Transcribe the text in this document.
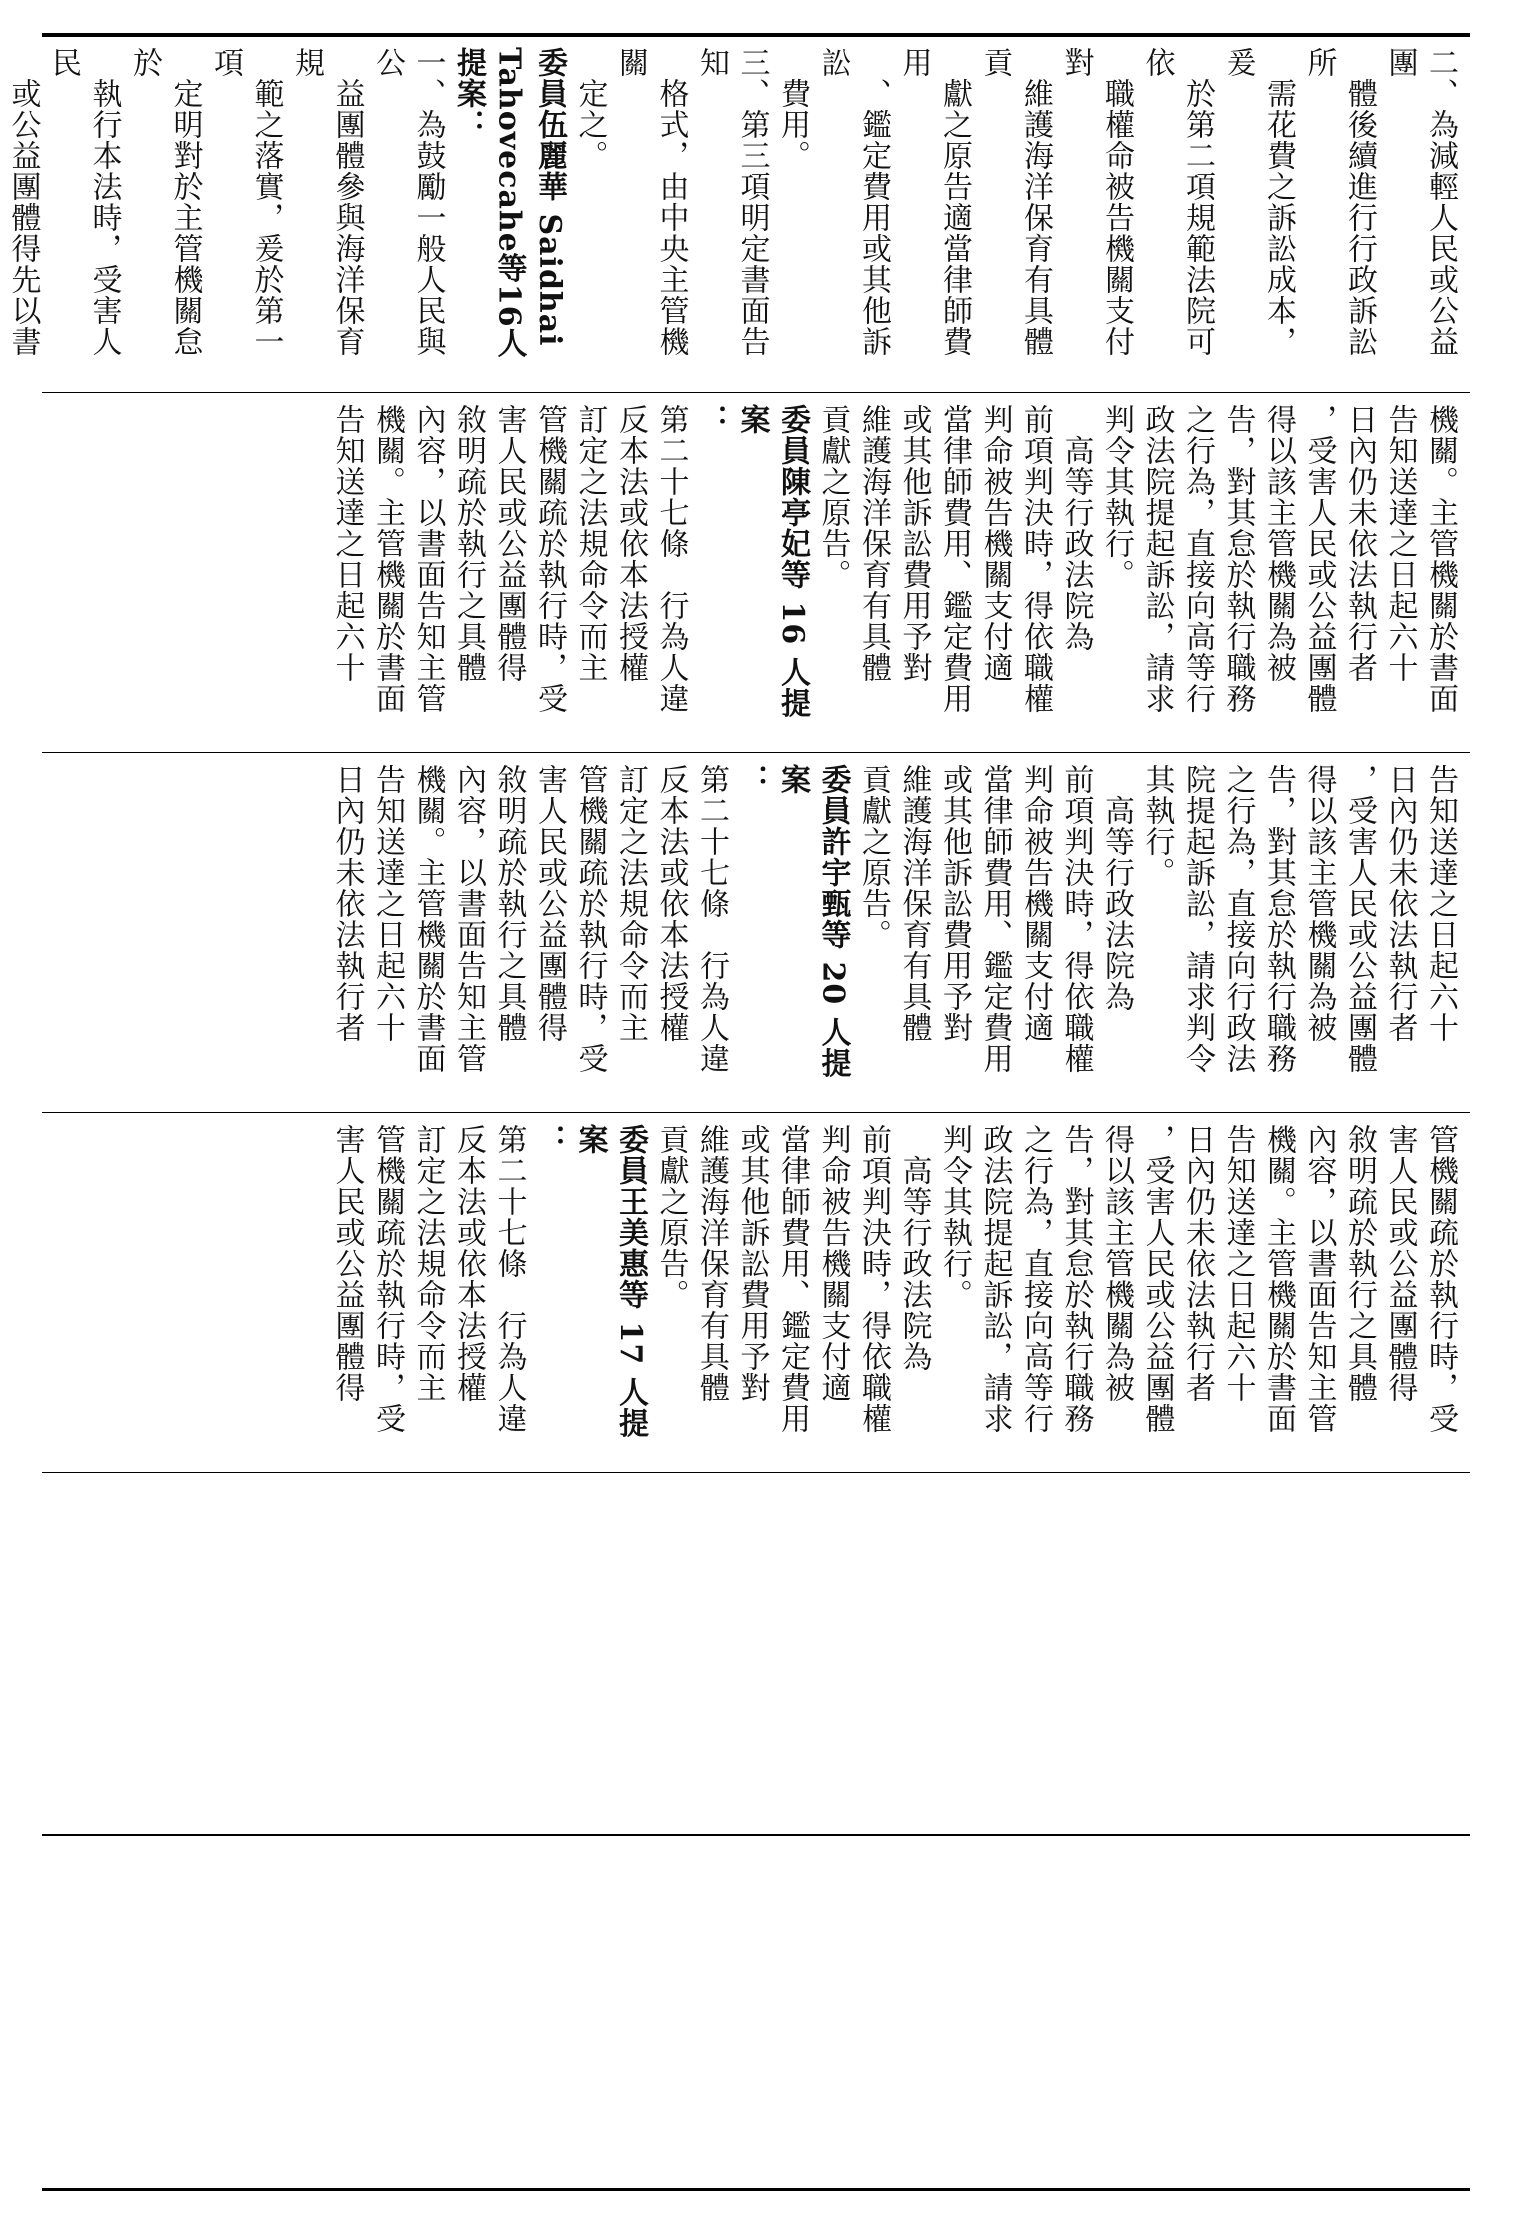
二、為減輕人民或公益團

　體後續進行行政訴訟所

　需花費之訴訟成本，爰

　於第二項規範法院可依

　職權命被告機關支付對

　維護海洋保育有具體貢

　獻之原告適當律師費用

　、鑑定費用或其他訴訟

　費用。

三、第三項明定書面告知

　格式，由中央主管機關

　定之。

委員伍麗華 Saidhai Tahovecahe等16人提案：

一、為鼓勵一般人民與公

　益團體參與海洋保育規

　範之落實，爰於第一項

　定明對於主管機關怠於

　執行本法時，受害人民

　或公益團體得先以書

機關。主管機關於書面

告知送達之日起六十

日內仍未依法執行者

，受害人民或公益團體

得以該主管機關為被

告，對其怠於執行職務

之行為，直接向高等行

政法院提起訴訟，請求

判令其執行。

　高等行政法院為

前項判決時，得依職權

判命被告機關支付適

當律師費用、鑑定費用

或其他訴訟費用予對

維護海洋保育有具體

貢獻之原告。

委員陳亭妃等 16 人提案

：

第二十七條　行為人違

反本法或依本法授權

訂定之法規命令而主

管機關疏於執行時，受

害人民或公益團體得

敘明疏於執行之具體

內容，以書面告知主管

機關。主管機關於書面

告知送達之日起六十

告知送達之日起六十

日內仍未依法執行者

，受害人民或公益團體

得以該主管機關為被

告，對其怠於執行職務

之行為，直接向行政法

院提起訴訟，請求判令

其執行。

　高等行政法院為

前項判決時，得依職權

判命被告機關支付適

當律師費用、鑑定費用

或其他訴訟費用予對

維護海洋保育有具體

貢獻之原告。

委員許宇甄等 20 人提案

：

第二十七條　行為人違

反本法或依本法授權

訂定之法規命令而主

管機關疏於執行時，受

害人民或公益團體得

敘明疏於執行之具體

內容，以書面告知主管

機關。主管機關於書面

告知送達之日起六十

日內仍未依法執行者

管機關疏於執行時，受

害人民或公益團體得

敘明疏於執行之具體

內容，以書面告知主管

機關。主管機關於書面

告知送達之日起六十

日內仍未依法執行者

，受害人民或公益團體

得以該主管機關為被

告，對其怠於執行職務

之行為，直接向高等行

政法院提起訴訟，請求

判令其執行。

　高等行政法院為

前項判決時，得依職權

判命被告機關支付適

當律師費用、鑑定費用

或其他訴訟費用予對

維護海洋保育有具體

貢獻之原告。

委員王美惠等 17 人提案

：

第二十七條　行為人違

反本法或依本法授權

訂定之法規命令而主

管機關疏於執行時，受

害人民或公益團體得
